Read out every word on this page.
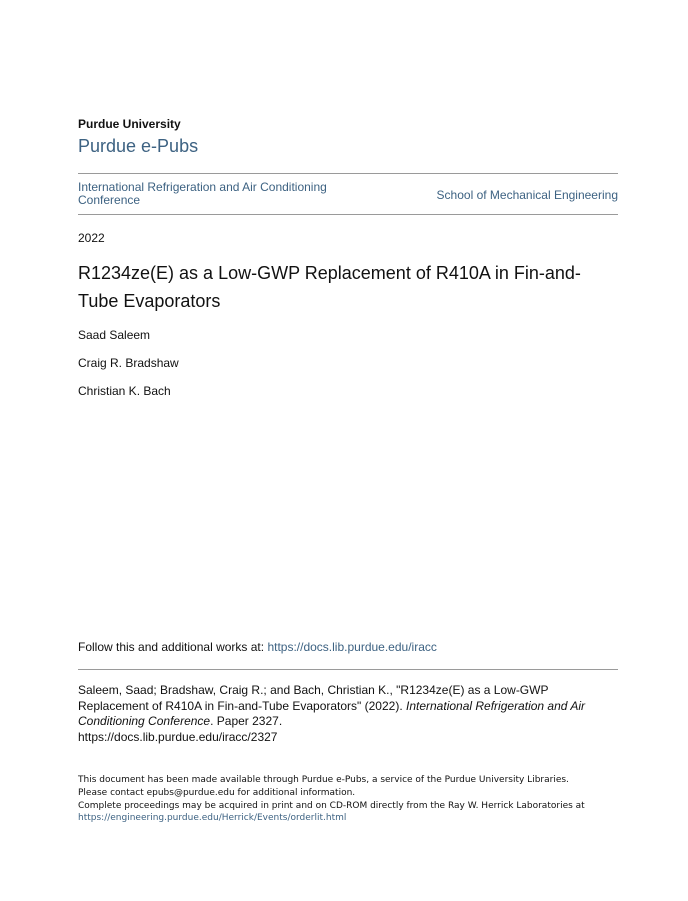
Purdue University
Purdue e-Pubs
International Refrigeration and Air Conditioning Conference	School of Mechanical Engineering
2022
R1234ze(E) as a Low-GWP Replacement of R410A in Fin-and-Tube Evaporators
Saad Saleem
Craig R. Bradshaw
Christian K. Bach
Follow this and additional works at: https://docs.lib.purdue.edu/iracc
Saleem, Saad; Bradshaw, Craig R.; and Bach, Christian K., "R1234ze(E) as a Low-GWP Replacement of R410A in Fin-and-Tube Evaporators" (2022). International Refrigeration and Air Conditioning Conference. Paper 2327.
https://docs.lib.purdue.edu/iracc/2327
This document has been made available through Purdue e-Pubs, a service of the Purdue University Libraries.
Please contact epubs@purdue.edu for additional information.
Complete proceedings may be acquired in print and on CD-ROM directly from the Ray W. Herrick Laboratories at
https://engineering.purdue.edu/Herrick/Events/orderlit.html
